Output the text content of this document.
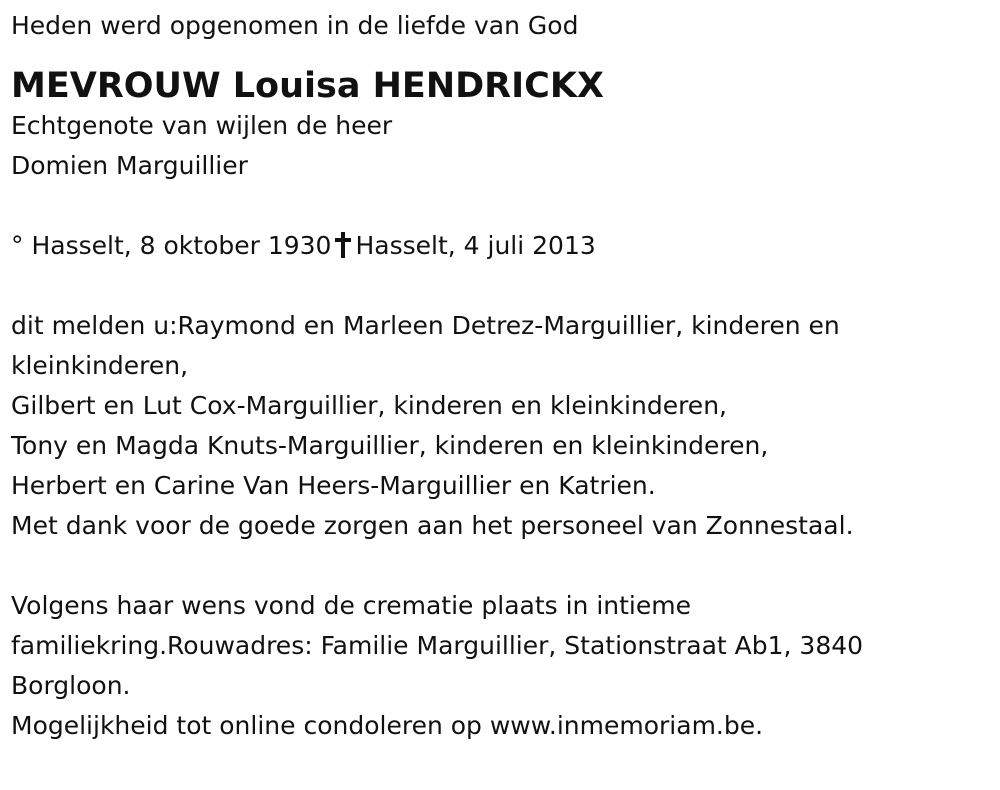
Heden werd opgenomen in de liefde van God

MEVROUW Louisa HENDRICKX

Echtgenote van wijlen de heer

Domien Marguillier

° Hasselt, 8 oktober 1930 Hasselt, 4 juli 2013

dit melden u:Raymond en Marleen Detrez-Marguillier, kinderen en

kleinkinderen,

Gilbert en Lut Cox-Marguillier, kinderen en kleinkinderen,

Tony en Magda Knuts-Marguillier, kinderen en kleinkinderen,

Herbert en Carine Van Heers-Marguillier en Katrien.

Met dank voor de goede zorgen aan het personeel van Zonnestaal.

Volgens haar wens vond de crematie plaats in intieme

familiekring.Rouwadres: Familie Marguillier, Stationstraat Ab1, 3840

Borgloon.

Mogelijkheid tot online condoleren op www.inmemoriam.be.
